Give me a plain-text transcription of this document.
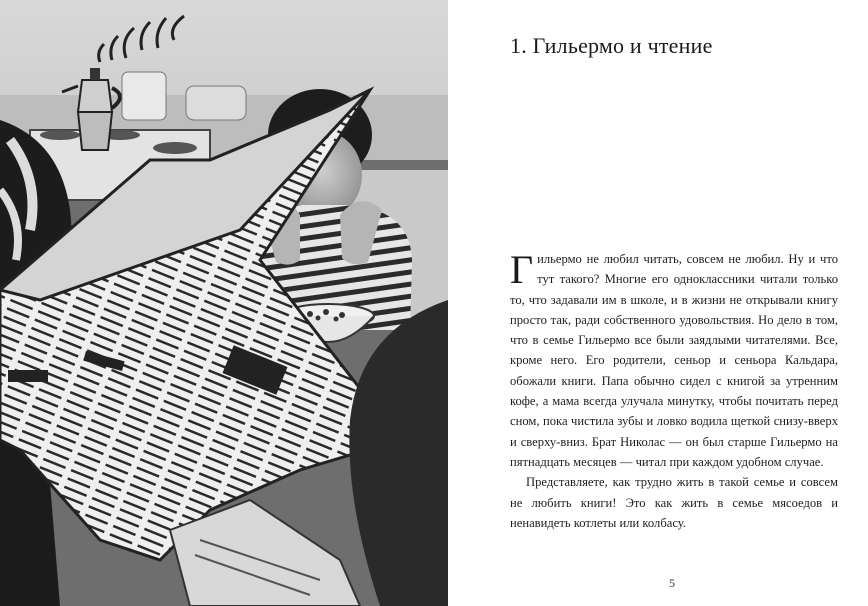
1. Гильермо и чтение

Гильермо не любил читать, совсем не любил. Ну и что тут такого? Многие его одноклассники читали только то, что задавали им в школе, и в жизни не открывали книгу просто так, ради собственного удовольствия. Но дело в том, что в семье Гильермо все были заядлыми читателями. Все, кроме него. Его родители, сеньор и сеньора Кальдара, обожали книги. Папа обычно сидел с книгой за утренним кофе, а мама всегда улучала минутку, чтобы почитать перед сном, пока чистила зубы и ловко водила щеткой снизу-вверх и сверху-вниз. Брат Николас — он был старше Гильермо на пятнадцать месяцев — читал при каждом удобном случае.

Представляете, как трудно жить в такой семье и совсем не любить книги! Это как жить в семье мясоедов и ненавидеть котлеты или колбасу.

5
